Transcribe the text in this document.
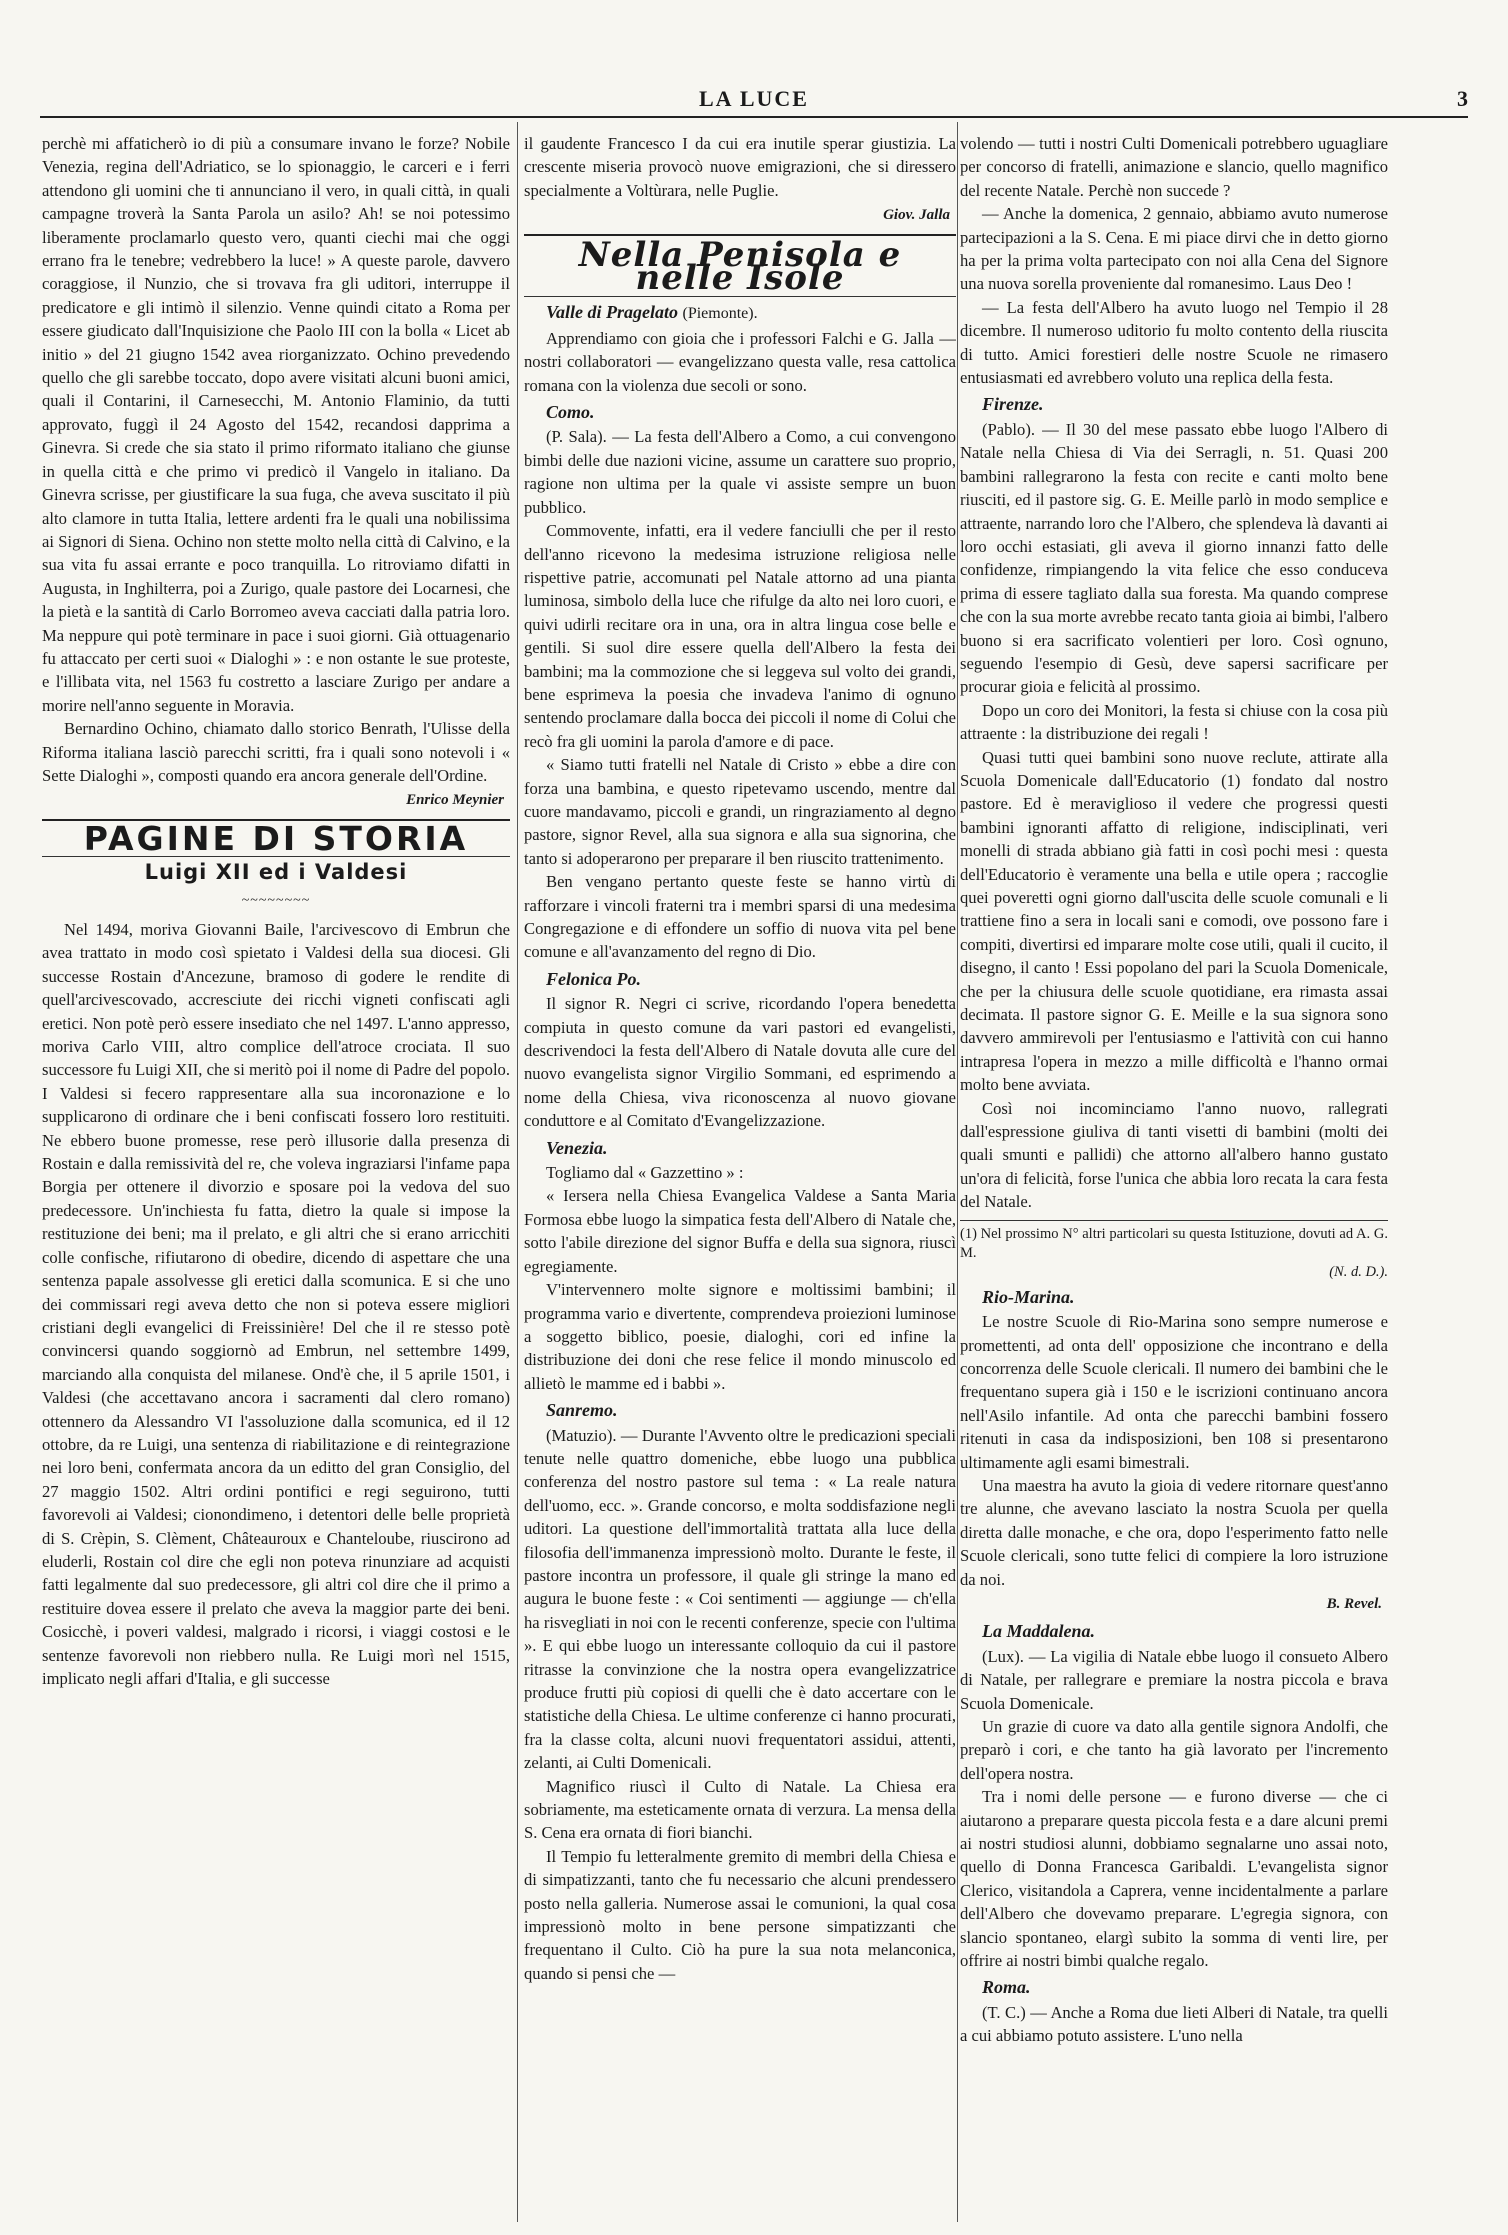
LA LUCE	3

perchè mi affaticherò io di più a consumare invano le forze? Nobile Venezia, regina dell'Adriatico, se lo spionaggio, le carceri e i ferri attendono gli uomini che ti annunciano il vero, in quali città, in quali campagne troverà la Santa Parola un asilo? Ah! se noi potessimo liberamente proclamarlo questo vero, quanti ciechi mai che oggi errano fra le tenebre; vedrebbero la luce! » A queste parole, davvero coraggiose, il Nunzio, che si trovava fra gli uditori, interruppe il predicatore e gli intimò il silenzio. Venne quindi citato a Roma per essere giudicato dall'Inquisizione che Paolo III con la bolla « Licet ab initio » del 21 giugno 1542 avea riorganizzato. Ochino prevedendo quello che gli sarebbe toccato, dopo avere visitati alcuni buoni amici, quali il Contarini, il Carnesecchi, M. Antonio Flaminio, da tutti approvato, fuggì il 24 Agosto del 1542, recandosi dapprima a Ginevra. Si crede che sia stato il primo riformato italiano che giunse in quella città e che primo vi predicò il Vangelo in italiano. Da Ginevra scrisse, per giustificare la sua fuga, che aveva suscitato il più alto clamore in tutta Italia, lettere ardenti fra le quali una nobilissima ai Signori di Siena. Ochino non stette molto nella città di Calvino, e la sua vita fu assai errante e poco tranquilla. Lo ritroviamo difatti in Augusta, in Inghilterra, poi a Zurigo, quale pastore dei Locarnesi, che la pietà e la santità di Carlo Borromeo aveva cacciati dalla patria loro. Ma neppure qui potè terminare in pace i suoi giorni. Già ottuagenario fu attaccato per certi suoi « Dialoghi » : e non ostante le sue proteste, e l'illibata vita, nel 1563 fu costretto a lasciare Zurigo per andare a morire nell'anno seguente in Moravia.

Bernardino Ochino, chiamato dallo storico Benrath, l'Ulisse della Riforma italiana lasciò parecchi scritti, fra i quali sono notevoli i « Sette Dialoghi », composti quando era ancora generale dell'Ordine.

Enrico Meynier
PAGINE DI STORIA
Luigi XII ed i Valdesi
~~~~~~~~

Nel 1494, moriva Giovanni Baile, l'arcivescovo di Embrun che avea trattato in modo così spietato i Valdesi della sua diocesi. Gli successe Rostain d'Ancezune, bramoso di godere le rendite di quell'arcivescovado, accresciute dei ricchi vigneti confiscati agli eretici. Non potè però essere insediato che nel 1497. L'anno appresso, moriva Carlo VIII, altro complice dell'atroce crociata. Il suo successore fu Luigi XII, che si meritò poi il nome di Padre del popolo. I Valdesi si fecero rappresentare alla sua incoronazione e lo supplicarono di ordinare che i beni confiscati fossero loro restituiti. Ne ebbero buone promesse, rese però illusorie dalla presenza di Rostain e dalla remissività del re, che voleva ingraziarsi l'infame papa Borgia per ottenere il divorzio e sposare poi la vedova del suo predecessore. Un'inchiesta fu fatta, dietro la quale si impose la restituzione dei beni; ma il prelato, e gli altri che si erano arricchiti colle confische, rifiutarono di obedire, dicendo di aspettare che una sentenza papale assolvesse gli eretici dalla scomunica. E si che uno dei commissari regi aveva detto che non si poteva essere migliori cristiani degli evangelici di Freissinière! Del che il re stesso potè convincersi quando soggiornò ad Embrun, nel settembre 1499, marciando alla conquista del milanese. Ond'è che, il 5 aprile 1501, i Valdesi (che accettavano ancora i sacramenti dal clero romano) ottennero da Alessandro VI l'assoluzione dalla scomunica, ed il 12 ottobre, da re Luigi, una sentenza di riabilitazione e di reintegrazione nei loro beni, confermata ancora da un editto del gran Consiglio, del 27 maggio 1502. Altri ordini pontifici e regi seguirono, tutti favorevoli ai Valdesi; cionondimeno, i detentori delle belle proprietà di S. Crèpin, S. Clèment, Châteauroux e Chanteloube, riuscirono ad eluderli, Rostain col dire che egli non poteva rinunziare ad acquisti fatti legalmente dal suo predecessore, gli altri col dire che il primo a restituire dovea essere il prelato che aveva la maggior parte dei beni. Cosicchè, i poveri valdesi, malgrado i ricorsi, i viaggi costosi e le sentenze favorevoli non riebbero nulla. Re Luigi morì nel 1515, implicato negli affari d'Italia, e gli successe

il gaudente Francesco I da cui era inutile sperar giustizia. La crescente miseria provocò nuove emigrazioni, che si diressero specialmente a Voltùrara, nelle Puglie.

Giov. Jalla
Nella Penisola e nelle Isole
Valle di Pragelato (Piemonte).

Apprendiamo con gioia che i professori Falchi e G. Jalla — nostri collaboratori — evangelizzano questa valle, resa cattolica romana con la violenza due secoli or sono.

Como.

(P. Sala). — La festa dell'Albero a Como, a cui convengono bimbi delle due nazioni vicine, assume un carattere suo proprio, ragione non ultima per la quale vi assiste sempre un buon pubblico.

Commovente, infatti, era il vedere fanciulli che per il resto dell'anno ricevono la medesima istruzione religiosa nelle rispettive patrie, accomunati pel Natale attorno ad una pianta luminosa, simbolo della luce che rifulge da alto nei loro cuori, e quivi udirli recitare ora in una, ora in altra lingua cose belle e gentili. Si suol dire essere quella dell'Albero la festa dei bambini; ma la commozione che si leggeva sul volto dei grandi, bene esprimeva la poesia che invadeva l'animo di ognuno sentendo proclamare dalla bocca dei piccoli il nome di Colui che recò fra gli uomini la parola d'amore e di pace.

« Siamo tutti fratelli nel Natale di Cristo » ebbe a dire con forza una bambina, e questo ripetevamo uscendo, mentre dal cuore mandavamo, piccoli e grandi, un ringraziamento al degno pastore, signor Revel, alla sua signora e alla sua signorina, che tanto si adoperarono per preparare il ben riuscito trattenimento.

Ben vengano pertanto queste feste se hanno virtù di rafforzare i vincoli fraterni tra i membri sparsi di una medesima Congregazione e di effondere un soffio di nuova vita pel bene comune e all'avanzamento del regno di Dio.

Felonica Po.

Il signor R. Negri ci scrive, ricordando l'opera benedetta compiuta in questo comune da vari pastori ed evangelisti, descrivendoci la festa dell'Albero di Natale dovuta alle cure del nuovo evangelista signor Virgilio Sommani, ed esprimendo a nome della Chiesa, viva riconoscenza al nuovo giovane conduttore e al Comitato d'Evangelizzazione.

Venezia.

Togliamo dal « Gazzettino » :

« Iersera nella Chiesa Evangelica Valdese a Santa Maria Formosa ebbe luogo la simpatica festa dell'Albero di Natale che, sotto l'abile direzione del signor Buffa e della sua signora, riuscì egregiamente.

V'intervennero molte signore e moltissimi bambini; il programma vario e divertente, comprendeva proiezioni luminose a soggetto biblico, poesie, dialoghi, cori ed infine la distribuzione dei doni che rese felice il mondo minuscolo ed allietò le mamme ed i babbi ».

Sanremo.

(Matuzio). — Durante l'Avvento oltre le predicazioni speciali tenute nelle quattro domeniche, ebbe luogo una pubblica conferenza del nostro pastore sul tema : « La reale natura dell'uomo, ecc. ». Grande concorso, e molta soddisfazione negli uditori. La questione dell'immortalità trattata alla luce della filosofia dell'immanenza impressionò molto. Durante le feste, il pastore incontra un professore, il quale gli stringe la mano ed augura le buone feste : « Coi sentimenti — aggiunge — ch'ella ha risvegliati in noi con le recenti conferenze, specie con l'ultima ». E qui ebbe luogo un interessante colloquio da cui il pastore ritrasse la convinzione che la nostra opera evangelizzatrice produce frutti più copiosi di quelli che è dato accertare con le statistiche della Chiesa. Le ultime conferenze ci hanno procurati, fra la classe colta, alcuni nuovi frequentatori assidui, attenti, zelanti, ai Culti Domenicali.

Magnifico riuscì il Culto di Natale. La Chiesa era sobriamente, ma esteticamente ornata di verzura. La mensa della S. Cena era ornata di fiori bianchi.

Il Tempio fu letteralmente gremito di membri della Chiesa e di simpatizzanti, tanto che fu necessario che alcuni prendessero posto nella galleria. Numerose assai le comunioni, la qual cosa impressionò molto in bene persone simpatizzanti che frequentano il Culto. Ciò ha pure la sua nota melanconica, quando si pensi che —

volendo — tutti i nostri Culti Domenicali potrebbero uguagliare per concorso di fratelli, animazione e slancio, quello magnifico del recente Natale. Perchè non succede ?

— Anche la domenica, 2 gennaio, abbiamo avuto numerose partecipazioni a la S. Cena. E mi piace dirvi che in detto giorno ha per la prima volta partecipato con noi alla Cena del Signore una nuova sorella proveniente dal romanesimo. Laus Deo !

— La festa dell'Albero ha avuto luogo nel Tempio il 28 dicembre. Il numeroso uditorio fu molto contento della riuscita di tutto. Amici forestieri delle nostre Scuole ne rimasero entusiasmati ed avrebbero voluto una replica della festa.

Firenze.

(Pablo). — Il 30 del mese passato ebbe luogo l'Albero di Natale nella Chiesa di Via dei Serragli, n. 51. Quasi 200 bambini rallegrarono la festa con recite e canti molto bene riusciti, ed il pastore sig. G. E. Meille parlò in modo semplice e attraente, narrando loro che l'Albero, che splendeva là davanti ai loro occhi estasiati, gli aveva il giorno innanzi fatto delle confidenze, rimpiangendo la vita felice che esso conduceva prima di essere tagliato dalla sua foresta. Ma quando comprese che con la sua morte avrebbe recato tanta gioia ai bimbi, l'albero buono si era sacrificato volentieri per loro. Così ognuno, seguendo l'esempio di Gesù, deve sapersi sacrificare per procurar gioia e felicità al prossimo.

Dopo un coro dei Monitori, la festa si chiuse con la cosa più attraente : la distribuzione dei regali !

Quasi tutti quei bambini sono nuove reclute, attirate alla Scuola Domenicale dall'Educatorio (1) fondato dal nostro pastore. Ed è meraviglioso il vedere che progressi questi bambini ignoranti affatto di religione, indisciplinati, veri monelli di strada abbiano già fatti in così pochi mesi : questa dell'Educatorio è veramente una bella e utile opera ; raccoglie quei poveretti ogni giorno dall'uscita delle scuole comunali e li trattiene fino a sera in locali sani e comodi, ove possono fare i compiti, divertirsi ed imparare molte cose utili, quali il cucito, il disegno, il canto ! Essi popolano del pari la Scuola Domenicale, che per la chiusura delle scuole quotidiane, era rimasta assai decimata. Il pastore signor G. E. Meille e la sua signora sono davvero ammirevoli per l'entusiasmo e l'attività con cui hanno intrapresa l'opera in mezzo a mille difficoltà e l'hanno ormai molto bene avviata.

Così noi incominciamo l'anno nuovo, rallegrati dall'espressione giuliva di tanti visetti di bambini (molti dei quali smunti e pallidi) che attorno all'albero hanno gustato un'ora di felicità, forse l'unica che abbia loro recata la cara festa del Natale.

(1) Nel prossimo N° altri particolari su questa Istituzione, dovuti ad A. G. M.
(N. d. D.).
Rio-Marina.

Le nostre Scuole di Rio-Marina sono sempre numerose e promettenti, ad onta dell' opposizione che incontrano e della concorrenza delle Scuole clericali. Il numero dei bambini che le frequentano supera già i 150 e le iscrizioni continuano ancora nell'Asilo infantile. Ad onta che parecchi bambini fossero ritenuti in casa da indisposizioni, ben 108 si presentarono ultimamente agli esami bimestrali.

Una maestra ha avuto la gioia di vedere ritornare quest'anno tre alunne, che avevano lasciato la nostra Scuola per quella diretta dalle monache, e che ora, dopo l'esperimento fatto nelle Scuole clericali, sono tutte felici di compiere la loro istruzione da noi.

B. Revel.
La Maddalena.

(Lux). — La vigilia di Natale ebbe luogo il consueto Albero di Natale, per rallegrare e premiare la nostra piccola e brava Scuola Domenicale.

Un grazie di cuore va dato alla gentile signora Andolfi, che preparò i cori, e che tanto ha già lavorato per l'incremento dell'opera nostra.

Tra i nomi delle persone — e furono diverse — che ci aiutarono a preparare questa piccola festa e a dare alcuni premi ai nostri studiosi alunni, dobbiamo segnalarne uno assai noto, quello di Donna Francesca Garibaldi. L'evangelista signor Clerico, visitandola a Caprera, venne incidentalmente a parlare dell'Albero che dovevamo preparare. L'egregia signora, con slancio spontaneo, elargì subito la somma di venti lire, per offrire ai nostri bimbi qualche regalo.

Roma.

(T. C.) — Anche a Roma due lieti Alberi di Natale, tra quelli a cui abbiamo potuto assistere. L'uno nella
